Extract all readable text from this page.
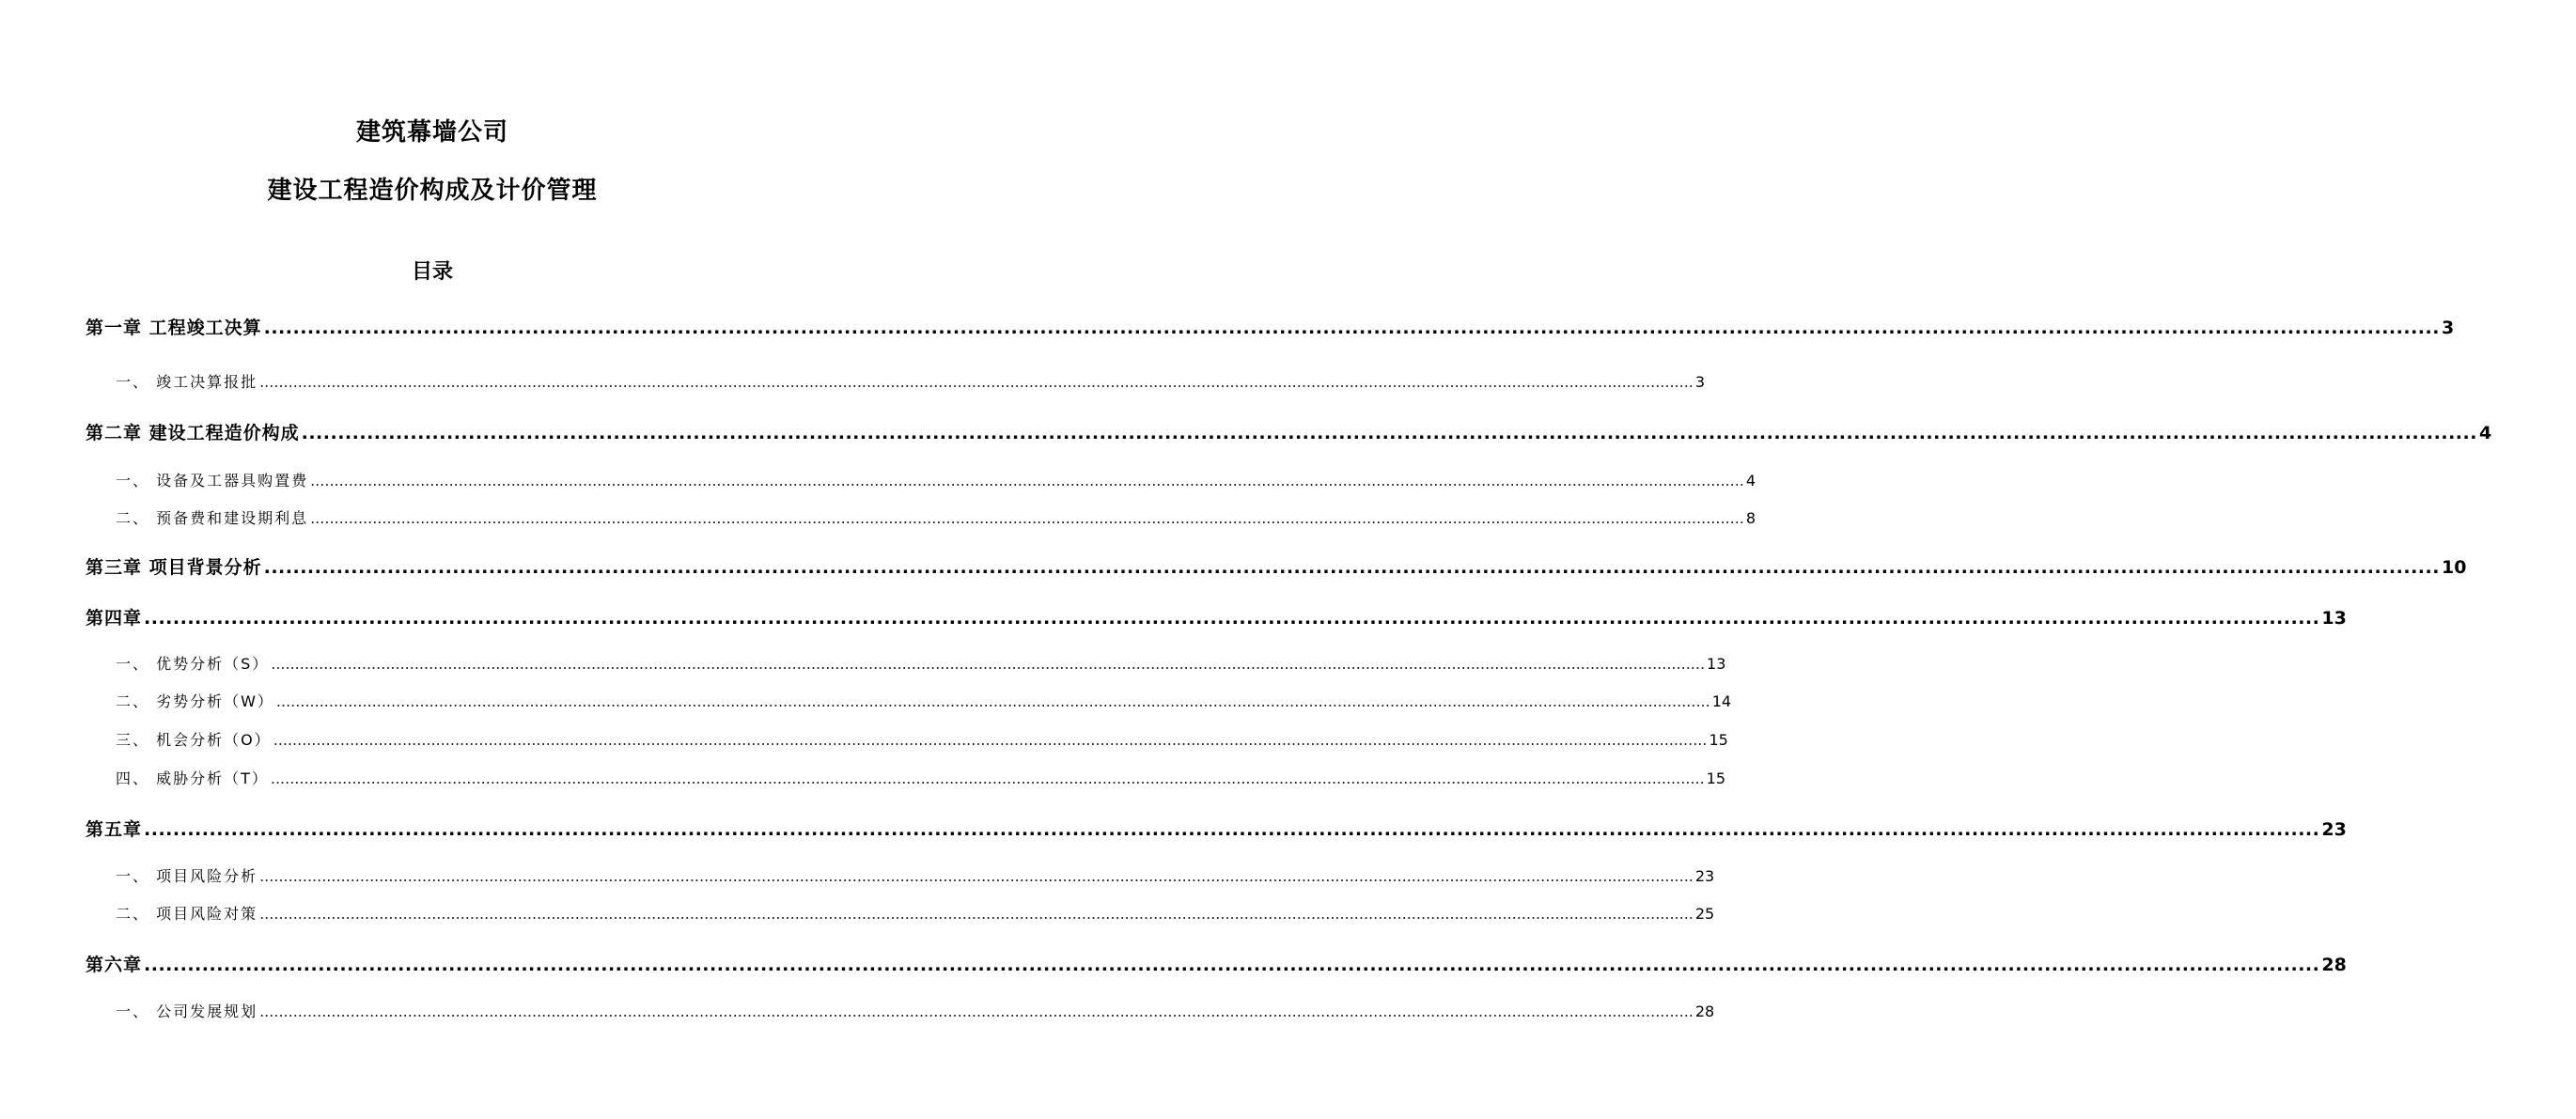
建筑幕墙公司
建设工程造价构成及计价管理
目录
第一章 工程竣工决算 ............................................................................................................................................................................................................................................................................................................ 3
一、 竣工决算报批 ............................................................................................................................................................................................................................................................................................................ 3
第二章 建设工程造价构成 ............................................................................................................................................................................................................................................................................................................ 4
一、 设备及工器具购置费 ............................................................................................................................................................................................................................................................................................................ 4
二、 预备费和建设期利息 ............................................................................................................................................................................................................................................................................................................ 8
第三章 项目背景分析 ............................................................................................................................................................................................................................................................................................................ 10
第四章 ............................................................................................................................................................................................................................................................................................................ 13
一、 优势分析（S） ............................................................................................................................................................................................................................................................................................................ 13
二、 劣势分析（W） ............................................................................................................................................................................................................................................................................................................ 14
三、 机会分析（O） ............................................................................................................................................................................................................................................................................................................ 15
四、 威胁分析（T） ............................................................................................................................................................................................................................................................................................................ 15
第五章 ............................................................................................................................................................................................................................................................................................................ 23
一、 项目风险分析 ............................................................................................................................................................................................................................................................................................................ 23
二、 项目风险对策 ............................................................................................................................................................................................................................................................................................................ 25
第六章 ............................................................................................................................................................................................................................................................................................................ 28
一、 公司发展规划 ............................................................................................................................................................................................................................................................................................................ 28
